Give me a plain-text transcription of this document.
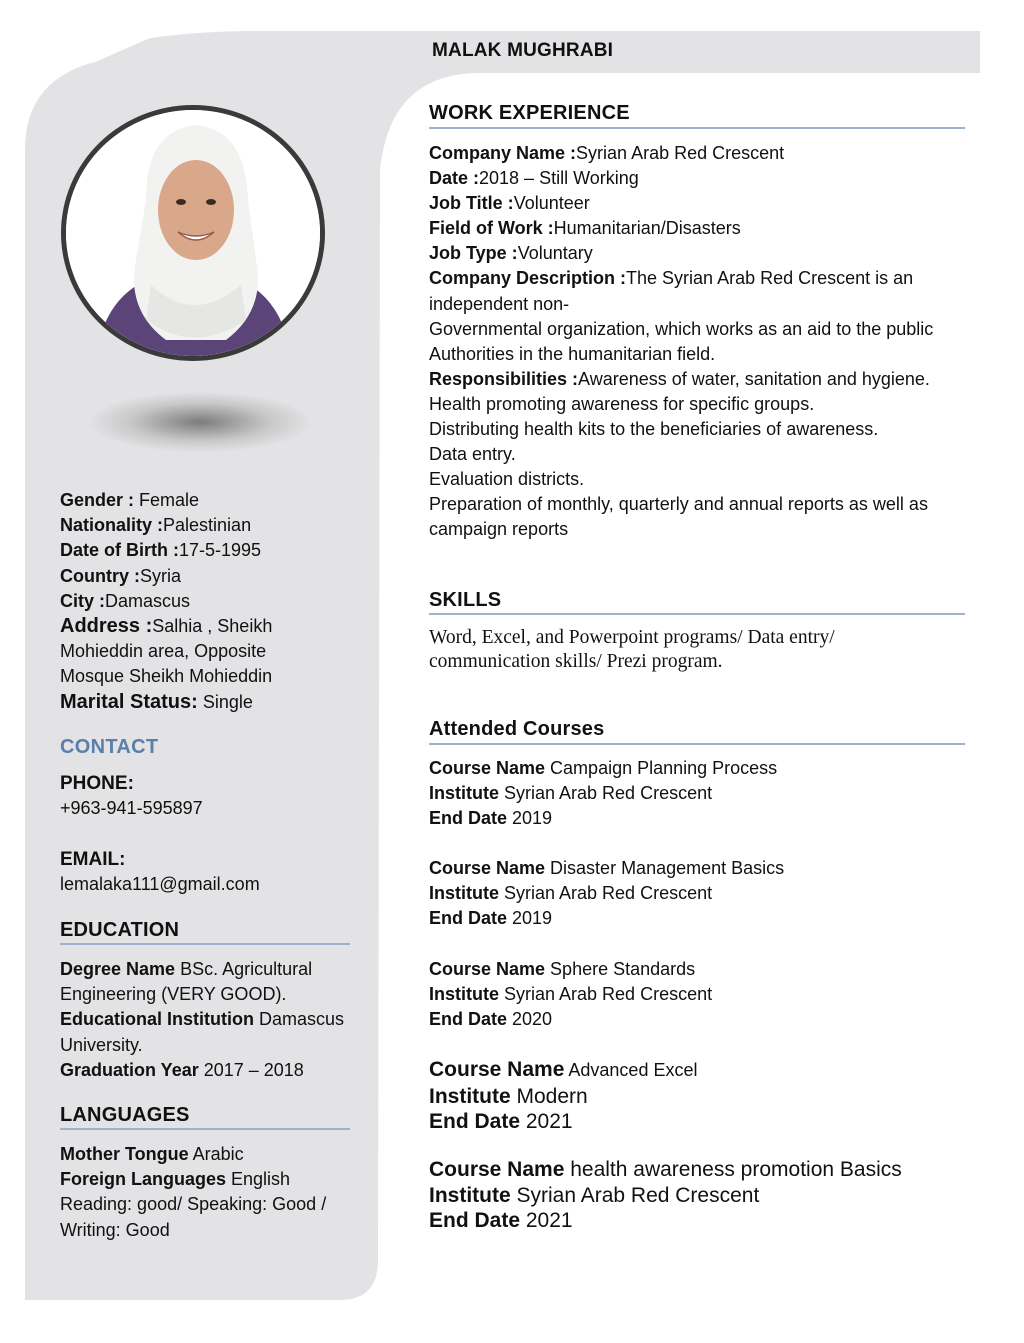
MALAK MUGHRABI
Gender : Female
Nationality :Palestinian
Date of Birth :17-5-1995
Country :Syria
City :Damascus
Address :Salhia , Sheikh Mohieddin area, Opposite Mosque Sheikh Mohieddin
Marital Status: Single
CONTACT
PHONE:
+963-941-595897
EMAIL:
lemalaka111@gmail.com
EDUCATION
Degree Name BSc. Agricultural Engineering (VERY GOOD).
Educational Institution Damascus University.
Graduation Year 2017 – 2018
LANGUAGES
Mother Tongue Arabic
Foreign Languages English
Reading: good/ Speaking: Good / Writing: Good
WORK EXPERIENCE
Company Name :Syrian Arab Red Crescent
Date :2018 – Still Working
Job Title :Volunteer
Field of Work :Humanitarian/Disasters
Job Type :Voluntary
Company Description :The Syrian Arab Red Crescent is an independent non-
Governmental organization, which works as an aid to the public Authorities in the humanitarian field.
Responsibilities :Awareness of water, sanitation and hygiene.
Health promoting awareness for specific groups.
Distributing health kits to the beneficiaries of awareness.
Data entry.
Evaluation districts.
Preparation of monthly, quarterly and annual reports as well as campaign reports
SKILLS
Word, Excel, and Powerpoint programs/ Data entry/ communication skills/ Prezi program.
Attended Courses
Course Name Campaign Planning Process
Institute Syrian Arab Red Crescent
End Date 2019
Course Name Disaster Management Basics
Institute Syrian Arab Red Crescent
End Date 2019
Course Name Sphere Standards
Institute Syrian Arab Red Crescent
End Date 2020
Course Name Advanced Excel
Institute Modern
End Date 2021
Course Name health awareness promotion Basics
Institute Syrian Arab Red Crescent
End Date 2021
